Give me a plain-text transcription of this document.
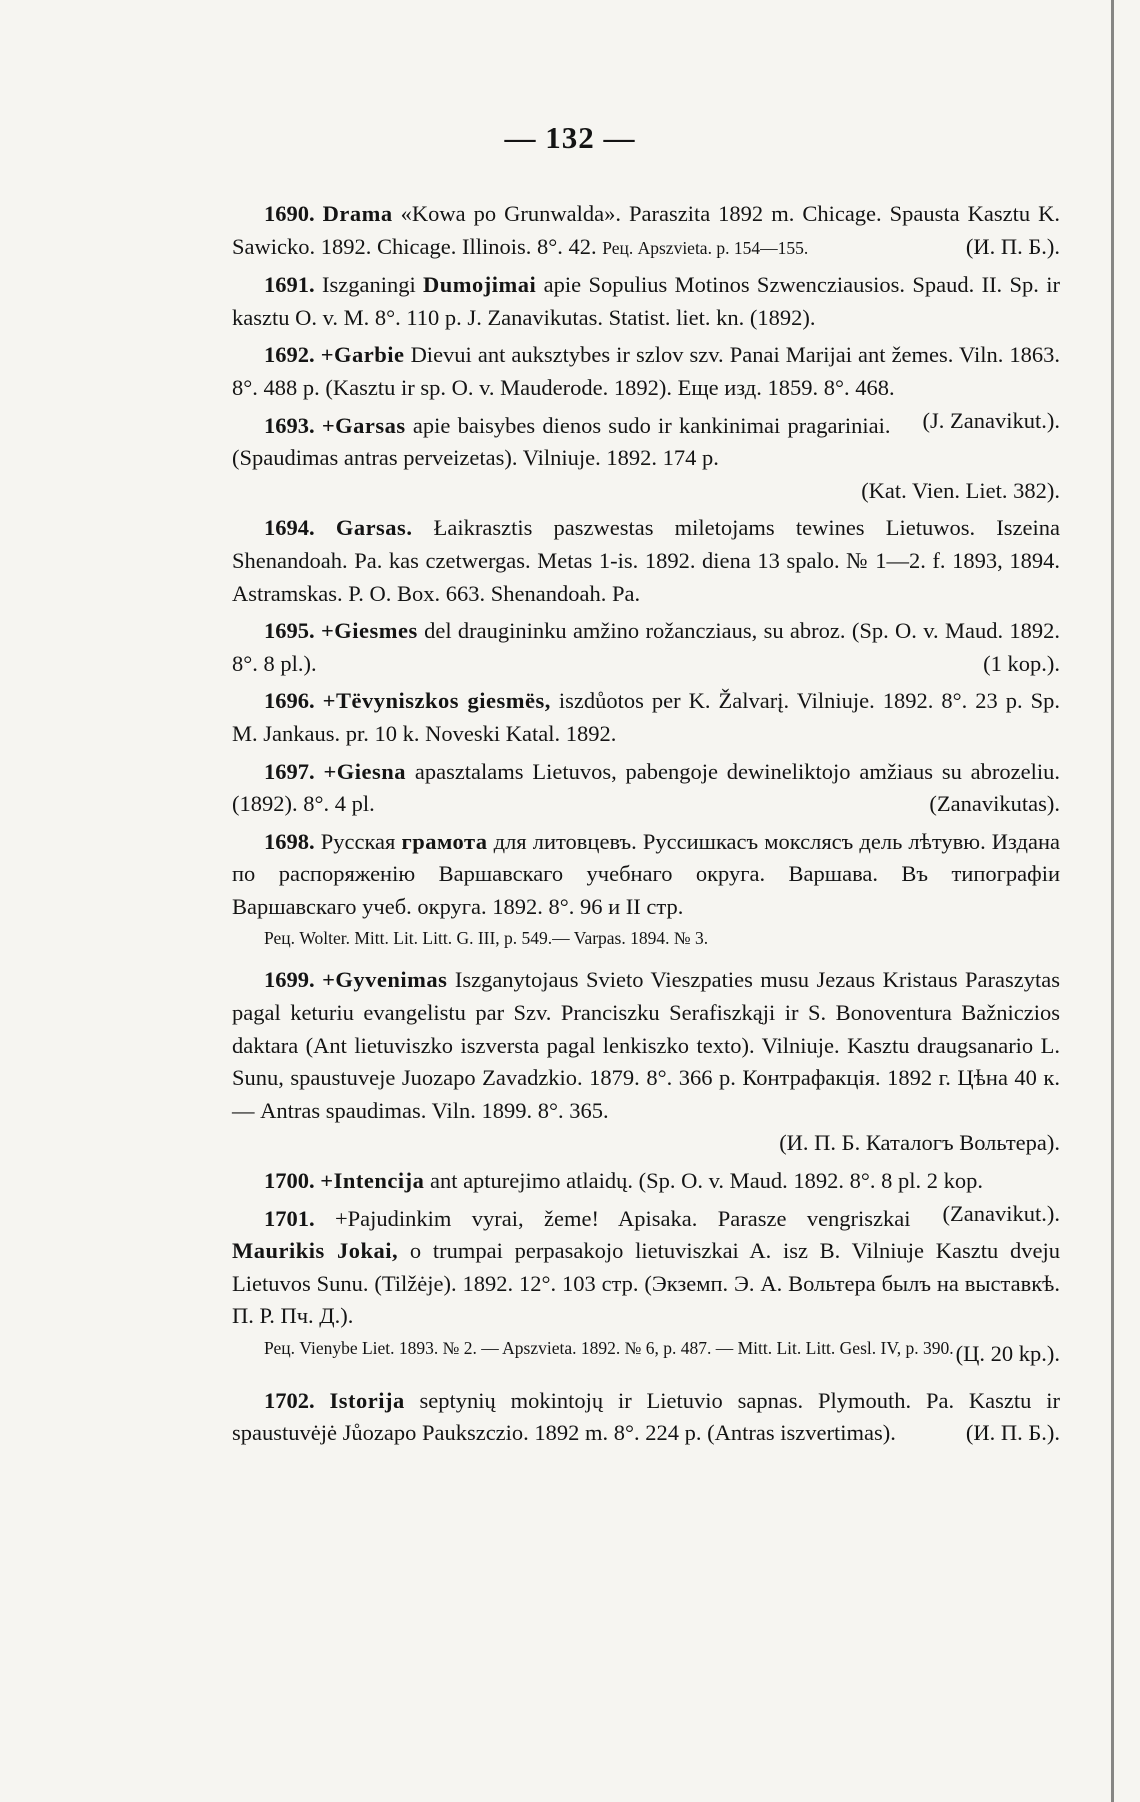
— 132 —

1690. Drama «Kowa po Grunwalda». Paraszita 1892 m. Chicage. Spausta Kasztu K. Sawicko. 1892. Chicage. Illinois. 8°. 42. Рец. Apszvieta. p. 154—155.	(И. П. Б.).

1691. Iszganingi Dumojimai apie Sopulius Motinos Szwencziausios. Spaud. II. Sp. ir kasztu O. v. M. 8°. 110 p. J. Zanavikutas. Statist. liet. kn. (1892).

1692. +Garbie Dievui ant auksztybes ir szlov szv. Panai Marijai ant žemes. Viln. 1863. 8°. 488 p. (Kasztu ir sp. O. v. Mauderode. 1892). Еще изд. 1859. 8°. 468.
(J. Zanavikut.).

1693. +Garsas apie baisybes dienos sudo ir kankinimai pragariniai. (Spaudimas antras perveizetas). Vilniuje. 1892. 174 p.
(Kat. Vien. Liet. 382).

1694. Garsas. Łaikrasztis paszwestas miletojams tewines Lietuwos. Iszeina Shenandoah. Pa. kas czetwergas. Metas 1-is. 1892. diena 13 spalo. № 1—2. f. 1893, 1894. Astramskas. P. O. Box. 663. Shenandoah. Pa.

1695. +Giesmes del draugininku amžino rožancziaus, su abroz. (Sp. O. v. Maud. 1892. 8°. 8 pl.).	(1 kop.).

1696. +Tëvyniszkos giesmës, iszdůotos per K. Žalvarį. Vilniuje. 1892. 8°. 23 p. Sp. M. Jankaus. pr. 10 k. Noveski Katal. 1892.

1697. +Giesna apasztalams Lietuvos, pabengoje dewineliktojo amžiaus su abrozeliu. (1892). 8°. 4 pl.	(Zanavikutas).

1698. Русская грамота для литовцевъ. Руссишкасъ мокслясъ дель лѣтувю. Издана по распоряженію Варшавскаго учебнаго округа. Варшава. Въ типографіи Варшавскаго учеб. округа. 1892. 8°. 96 и II стр.
Рец. Wolter. Mitt. Lit. Litt. G. III, p. 549.— Varpas. 1894. № 3.

1699. +Gyvenimas Iszganytojaus Svieto Vieszpaties musu Jezaus Kristaus Paraszytas pagal keturiu evangelistu par Szv. Pranciszku Serafiszkąji ir S. Bonoventura Bažniczios daktara (Ant lietuviszko iszversta pagal lenkiszko texto). Vilniuje. Kasztu draugsanario L. Sunu, spaustuveje Juozapo Zavadzkio. 1879. 8°. 366 p. Контрафакція. 1892 г. Цѣна 40 к. — Antras spaudimas. Viln. 1899. 8°. 365.
(И. П. Б. Каталогъ Вольтера).

1700. +Intencija ant apturejimo atlaidų. (Sp. O. v. Maud. 1892. 8°. 8 pl. 2 kop.
(Zanavikut.).

1701. +Pajudinkim vyrai, žeme! Apisaka. Parasze vengriszkai Maurikis Jokai, o trumpai perpasakojo lietuviszkai A. isz B. Vilniuje Kasztu dveju Lietuvos Sunu. (Tilžėje). 1892. 12°. 103 стр. (Экземп. Э. А. Вольтера былъ на выставкѣ. П. Р. Пч. Д.).
Рец. Vienybe Liet. 1893. № 2. — Apszvieta. 1892. № 6, p. 487. — Mitt. Lit. Litt. Gesl. IV, p. 390. (Ц. 20 kp.).

1702. Istorija septynių mokintojų ir Lietuvio sapnas. Plymouth. Pa. Kasztu ir spaustuvėjė Jůozapo Paukszczio. 1892 m. 8°. 224 p. (Antras iszvertimas).	(И. П. Б.).
